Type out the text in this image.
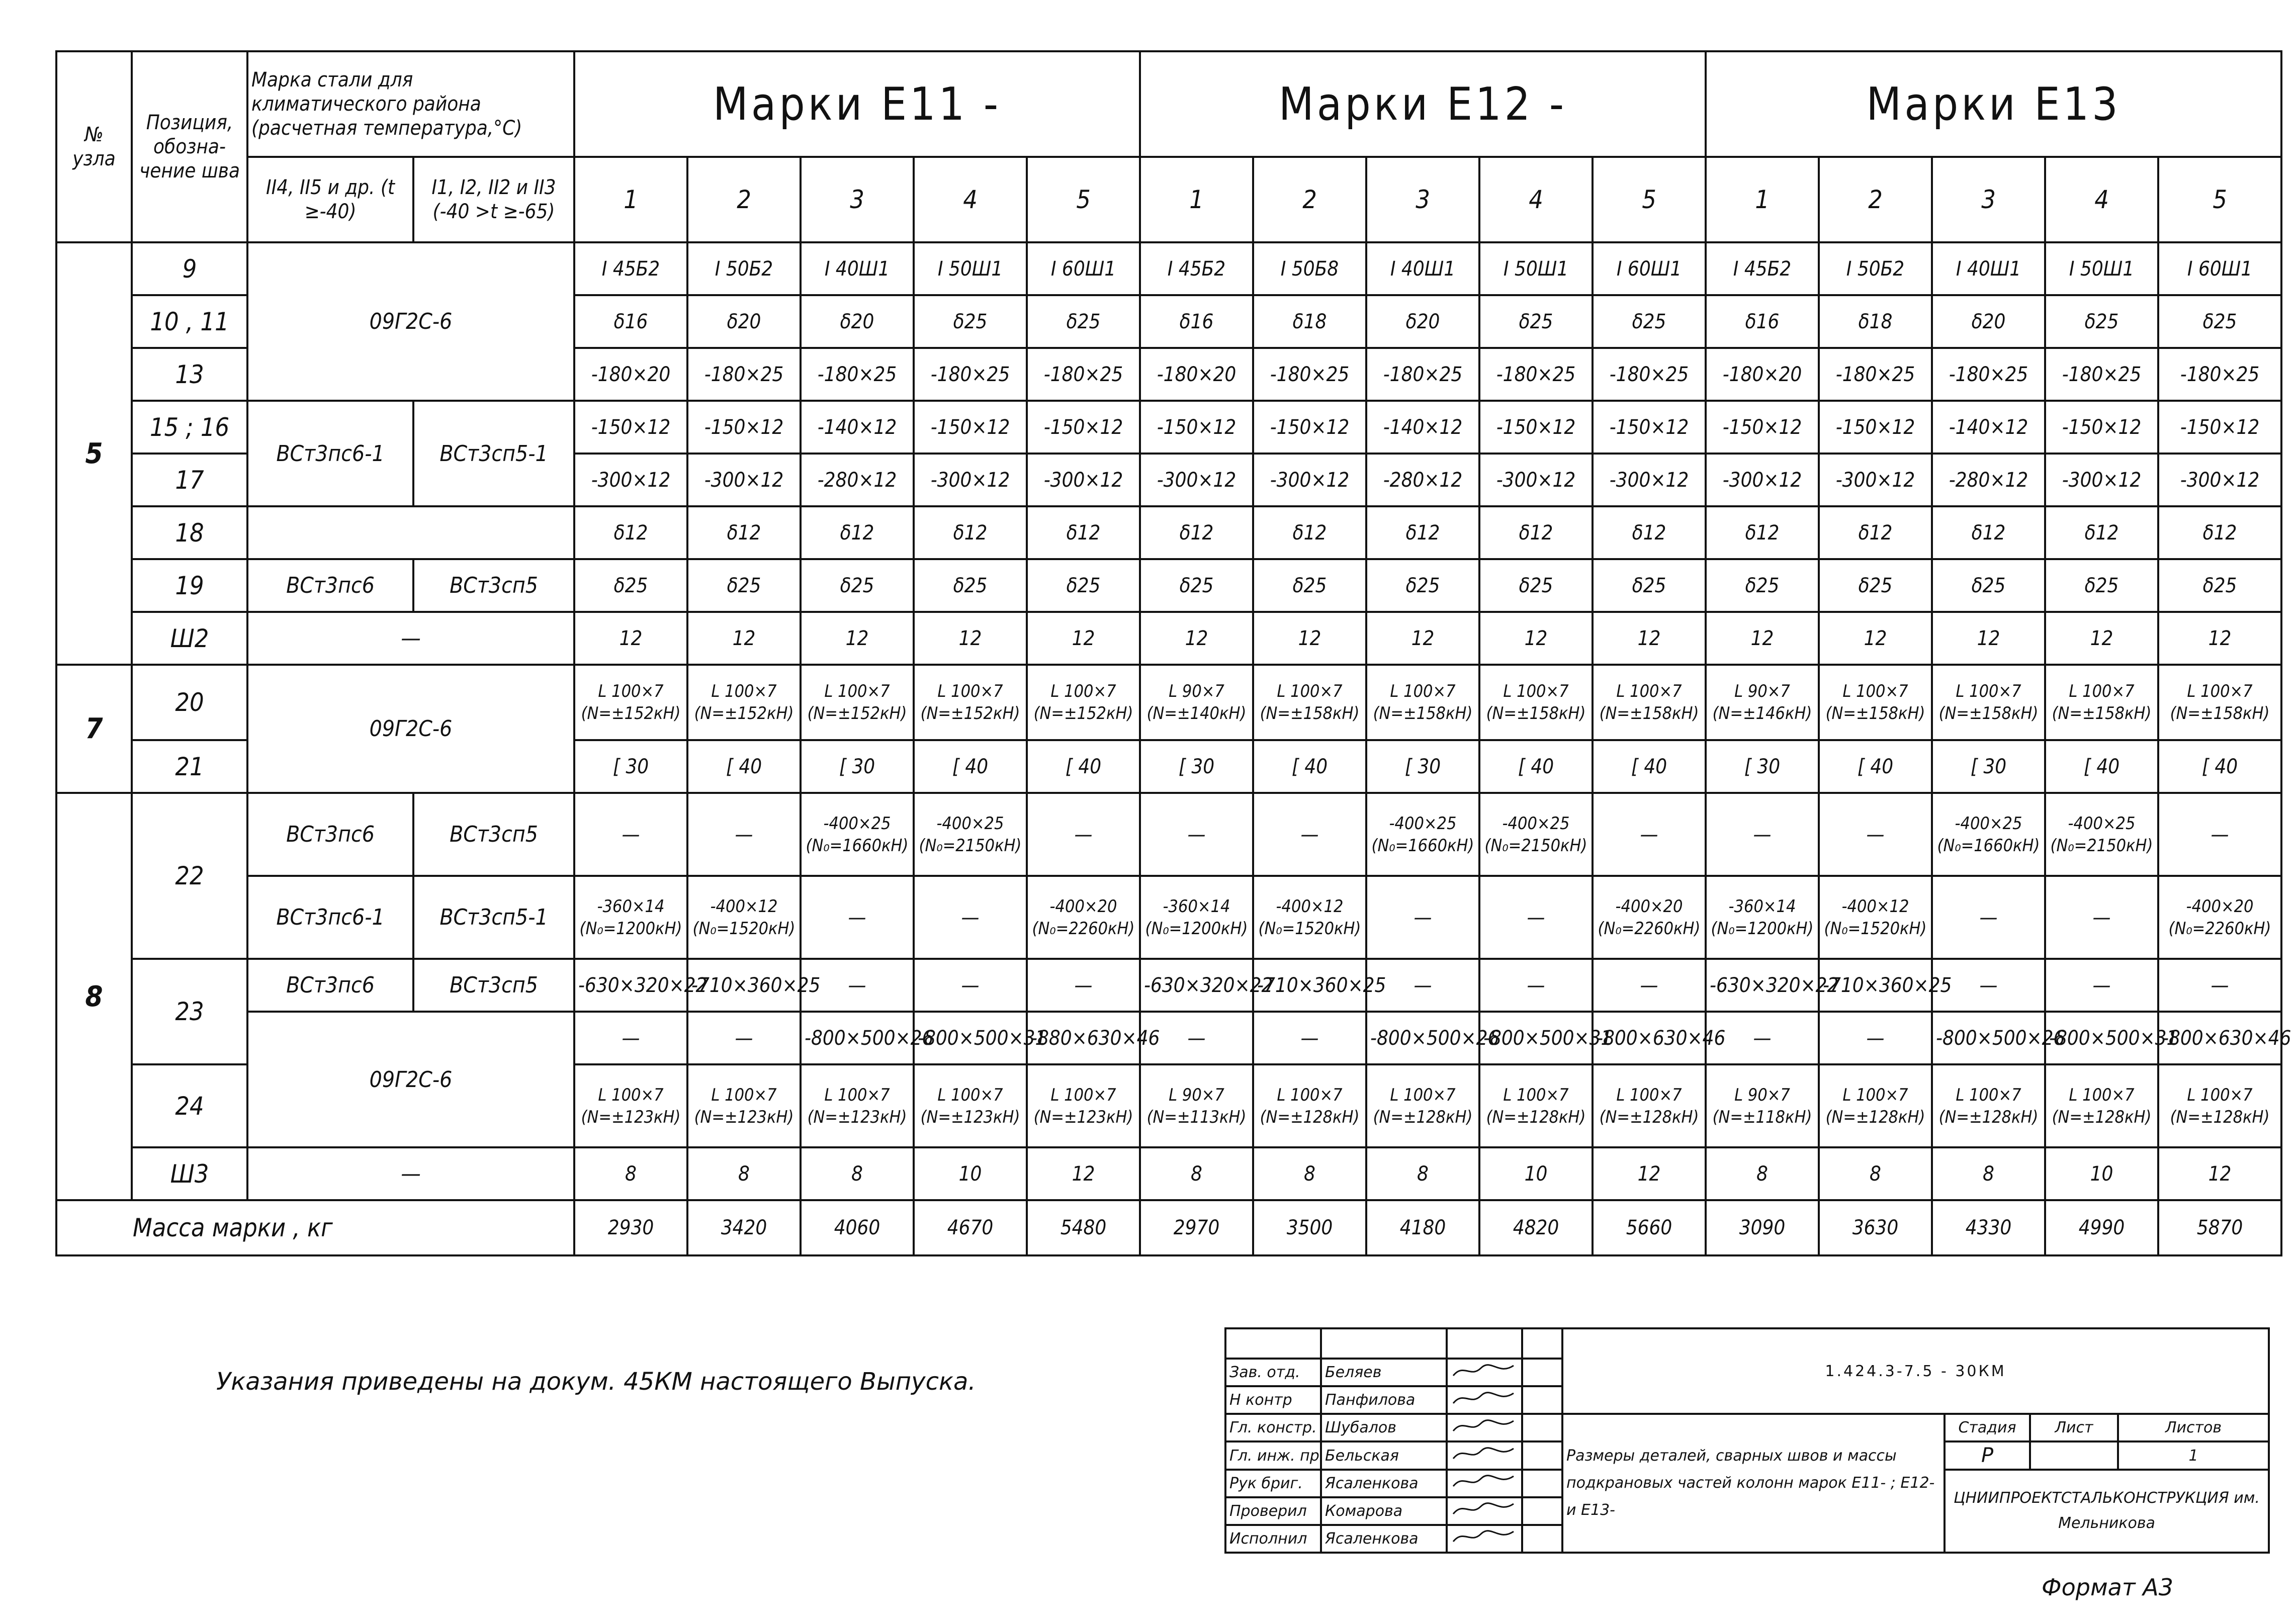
№ узла	Позиция, обозна- чение шва	Марка стали для климатического района (расчетная температура,°С)		Марки Е11 -					Марки Е12 -					Марки Е13				
		II4, II5 и др. (t ≥-40)	I1, I2, II2 и II3 (-40 >t ≥-65)	1	2	3	4	5	1	2	3	4	5	1	2	3	4	5
5	9	09Г2С-6		I 45Б2	I 50Б2	I 40Ш1	I 50Ш1	I 60Ш1	I 45Б2	I 50Б8	I 40Ш1	I 50Ш1	I 60Ш1	I 45Б2	I 50Б2	I 40Ш1	I 50Ш1	I 60Ш1
	10 , 11			δ16	δ20	δ20	δ25	δ25	δ16	δ18	δ20	δ25	δ25	δ16	δ18	δ20	δ25	δ25
	13			-180×20	-180×25	-180×25	-180×25	-180×25	-180×20	-180×25	-180×25	-180×25	-180×25	-180×20	-180×25	-180×25	-180×25	-180×25
	15 ; 16	ВСт3пс6-1	ВСт3сп5-1	-150×12	-150×12	-140×12	-150×12	-150×12	-150×12	-150×12	-140×12	-150×12	-150×12	-150×12	-150×12	-140×12	-150×12	-150×12
	17			-300×12	-300×12	-280×12	-300×12	-300×12	-300×12	-300×12	-280×12	-300×12	-300×12	-300×12	-300×12	-280×12	-300×12	-300×12
	18			δ12	δ12	δ12	δ12	δ12	δ12	δ12	δ12	δ12	δ12	δ12	δ12	δ12	δ12	δ12
	19	ВСт3пс6	ВСт3сп5	δ25	δ25	δ25	δ25	δ25	δ25	δ25	δ25	δ25	δ25	δ25	δ25	δ25	δ25	δ25
	Ш2	—		12	12	12	12	12	12	12	12	12	12	12	12	12	12	12
7	20	09Г2С-6		L 100×7 (N=±152кН)	L 100×7 (N=±152кН)	L 100×7 (N=±152кН)	L 100×7 (N=±152кН)	L 100×7 (N=±152кН)	L 90×7 (N=±140кН)	L 100×7 (N=±158кН)	L 100×7 (N=±158кН)	L 100×7 (N=±158кН)	L 100×7 (N=±158кН)	L 90×7 (N=±146кН)	L 100×7 (N=±158кН)	L 100×7 (N=±158кН)	L 100×7 (N=±158кН)	L 100×7 (N=±158кН)
	21			[ 30	[ 40	[ 30	[ 40	[ 40	[ 30	[ 40	[ 30	[ 40	[ 40	[ 30	[ 40	[ 30	[ 40	[ 40
8	22	ВСт3пс6	ВСт3сп5	—	—	-400×25 (N₀=1660кН)	-400×25 (N₀=2150кН)	—	—	—	-400×25 (N₀=1660кН)	-400×25 (N₀=2150кН)	—	—	—	-400×25 (N₀=1660кН)	-400×25 (N₀=2150кН)	—
		ВСт3пс6-1	ВСт3сп5-1	-360×14 (N₀=1200кН)	-400×12 (N₀=1520кН)	—	—	-400×20 (N₀=2260кН)	-360×14 (N₀=1200кН)	-400×12 (N₀=1520кН)	—	—	-400×20 (N₀=2260кН)	-360×14 (N₀=1200кН)	-400×12 (N₀=1520кН)	—	—	-400×20 (N₀=2260кН)
	23	ВСт3пс6	ВСт3сп5	-630×320×22	-710×360×25	—	—	—	-630×320×22	-710×360×25	—	—	—	-630×320×22	-710×360×25	—	—	—
		09Г2С-6		—	—	-800×500×26	-800×500×31	-880×630×46	—	—	-800×500×26	-800×500×31	-800×630×46	—	—	-800×500×26	-800×500×31	-800×630×46
	24			L 100×7 (N=±123кН)	L 100×7 (N=±123кН)	L 100×7 (N=±123кН)	L 100×7 (N=±123кН)	L 100×7 (N=±123кН)	L 90×7 (N=±113кН)	L 100×7 (N=±128кН)	L 100×7 (N=±128кН)	L 100×7 (N=±128кН)	L 100×7 (N=±128кН)	L 90×7 (N=±118кН)	L 100×7 (N=±128кН)	L 100×7 (N=±128кН)	L 100×7 (N=±128кН)	L 100×7 (N=±128кН)
	Ш3	—		8	8	8	10	12	8	8	8	10	12	8	8	8	10	12
Масса марки , кг				2930	3420	4060	4670	5480	2970	3500	4180	4820	5660	3090	3630	4330	4990	5870
Указания приведены на докум. 45КМ настоящего Выпуска.
					1.424.3-7.5 - 30КМ			
Зав. отд.	Беляев		
Н контр	Панфилова		
Гл. констр.	Шубалов			Размеры деталей, сварных швов и массы подкрановых частей колонн марок Е11- ; Е12- и Е13-	Стадия	Лист	Листов
Гл. инж. пр	Бельская				Р		1
Рук бриг.	Ясаленкова				ЦНИИПРОЕКТСТАЛЬКОНСТРУКЦИЯ им. Мельникова		
Проверил	Комарова		
Исполнил	Ясаленкова		
Формат А3
